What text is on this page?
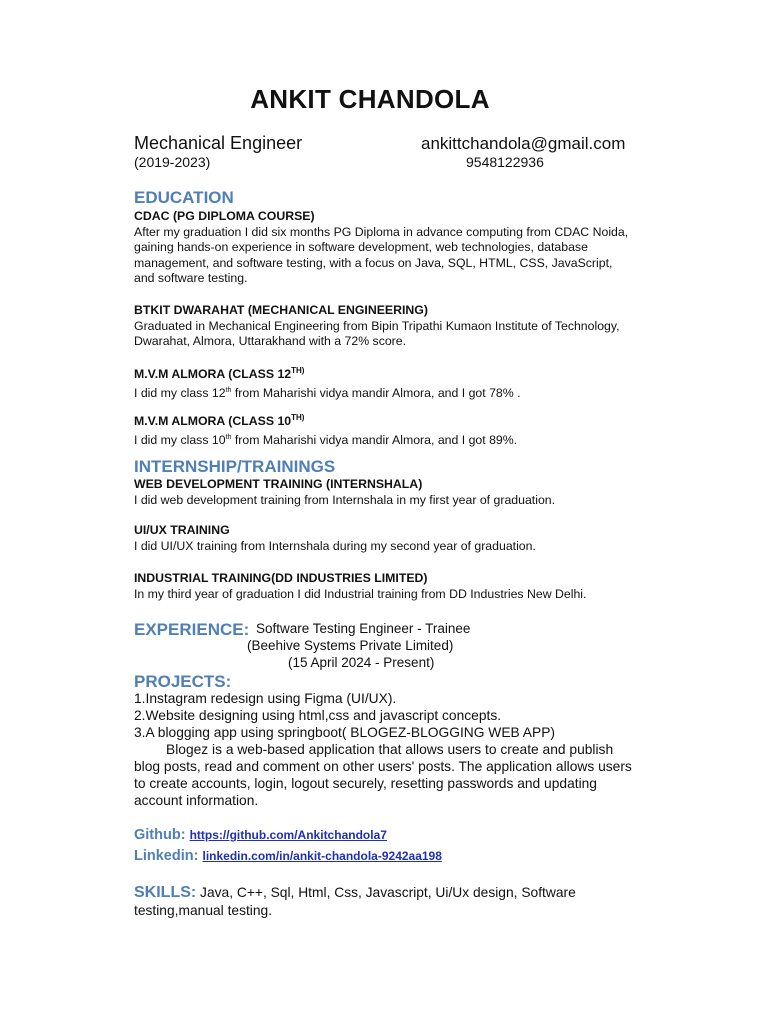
ANKIT CHANDOLA
Mechanical Engineer
(2019-2023)
ankittchandola@gmail.com
9548122936
EDUCATION
CDAC (PG DIPLOMA COURSE)
After my graduation I did six months PG Diploma in advance computing from CDAC Noida, gaining hands-on experience in software development, web technologies, database management, and software testing, with a focus on Java, SQL, HTML, CSS, JavaScript, and software testing.
BTKIT DWARAHAT (MECHANICAL ENGINEERING)
Graduated in Mechanical Engineering from Bipin Tripathi Kumaon Institute of Technology, Dwarahat, Almora, Uttarakhand with a 72% score.
M.V.M ALMORA (CLASS $12^{TH)}$
I did my class 12th from Maharishi vidya mandir Almora, and I got 78% .
M.V.M ALMORA (CLASS $10^{TH)}$
I did my class 10th from Maharishi vidya mandir Almora, and I got 89%.
INTERNSHIP/TRAININGS
WEB DEVELOPMENT TRAINING (INTERNSHALA)
I did web development training from Internshala in my first year of graduation.
UI/UX TRAINING
I did UI/UX training from Internshala during my second year of graduation.
INDUSTRIAL TRAINING(DD INDUSTRIES LIMITED)
In my third year of graduation I did Industrial training from DD Industries New Delhi.
EXPERIENCE: Software Testing Engineer - Trainee
(Beehive Systems Private Limited)
(15 April 2024 - Present)
PROJECTS:
1.Instagram redesign using Figma (UI/UX).
2.Website designing using html,css and javascript concepts.
3.A blogging app using springboot( BLOGEZ-BLOGGING WEB APP)
Blogez is a web-based application that allows users to create and publish blog posts, read and comment on other users' posts. The application allows users to create accounts, login, logout securely, resetting passwords and updating account information.
Github: https://github.com/Ankitchandola7
Linkedin: linkedin.com/in/ankit-chandola-9242aa198
SKILLS: Java, C++, Sql, Html, Css, Javascript, Ui/Ux design, Software testing,manual testing.
